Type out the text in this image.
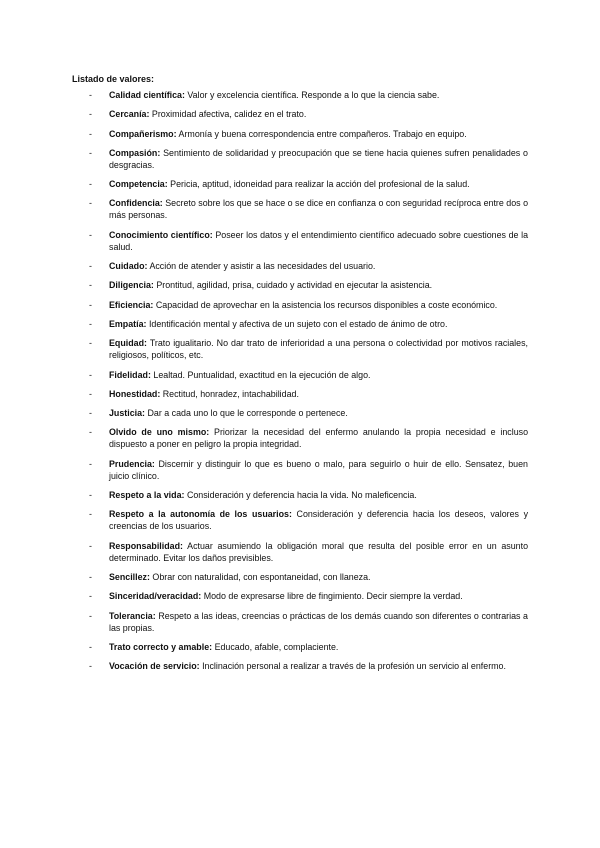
Listado de valores:
- Calidad científica: Valor y excelencia científica. Responde a lo que la ciencia sabe.
- Cercanía: Proximidad afectiva, calidez en el trato.
- Compañerismo: Armonía y buena correspondencia entre compañeros. Trabajo en equipo.
- Compasión: Sentimiento de solidaridad y preocupación que se tiene hacia quienes sufren penalidades o desgracias.
- Competencia: Pericia, aptitud, idoneidad para realizar la acción del profesional de la salud.
- Confidencia: Secreto sobre los que se hace o se dice en confianza o con seguridad recíproca entre dos o más personas.
- Conocimiento científico: Poseer los datos y el entendimiento científico adecuado sobre cuestiones de la salud.
- Cuidado: Acción de atender y asistir a las necesidades del usuario.
- Diligencia: Prontitud, agilidad, prisa, cuidado y actividad en ejecutar la asistencia.
- Eficiencia: Capacidad de aprovechar en la asistencia los recursos disponibles a coste económico.
- Empatía: Identificación mental y afectiva de un sujeto con el estado de ánimo de otro.
- Equidad: Trato igualitario. No dar trato de inferioridad a una persona o colectividad por motivos raciales, religiosos, políticos, etc.
- Fidelidad: Lealtad. Puntualidad, exactitud en la ejecución de algo.
- Honestidad: Rectitud, honradez, intachabilidad.
- Justicia: Dar a cada uno lo que le corresponde o pertenece.
- Olvido de uno mismo: Priorizar la necesidad del enfermo anulando la propia necesidad e incluso dispuesto a poner en peligro la propia integridad.
- Prudencia: Discernir y distinguir lo que es bueno o malo, para seguirlo o huir de ello. Sensatez, buen juicio clínico.
- Respeto a la vida: Consideración y deferencia hacia la vida. No maleficencia.
- Respeto a la autonomía de los usuarios: Consideración y deferencia hacia los deseos, valores y creencias de los usuarios.
- Responsabilidad: Actuar asumiendo la obligación moral que resulta del posible error en un asunto determinado. Evitar los daños previsibles.
- Sencillez: Obrar con naturalidad, con espontaneidad, con llaneza.
- Sinceridad/veracidad: Modo de expresarse libre de fingimiento. Decir siempre la verdad.
- Tolerancia: Respeto a las ideas, creencias o prácticas de los demás cuando son diferentes o contrarias a las propias.
- Trato correcto y amable: Educado, afable, complaciente.
- Vocación de servicio: Inclinación personal a realizar a través de la profesión un servicio al enfermo.
